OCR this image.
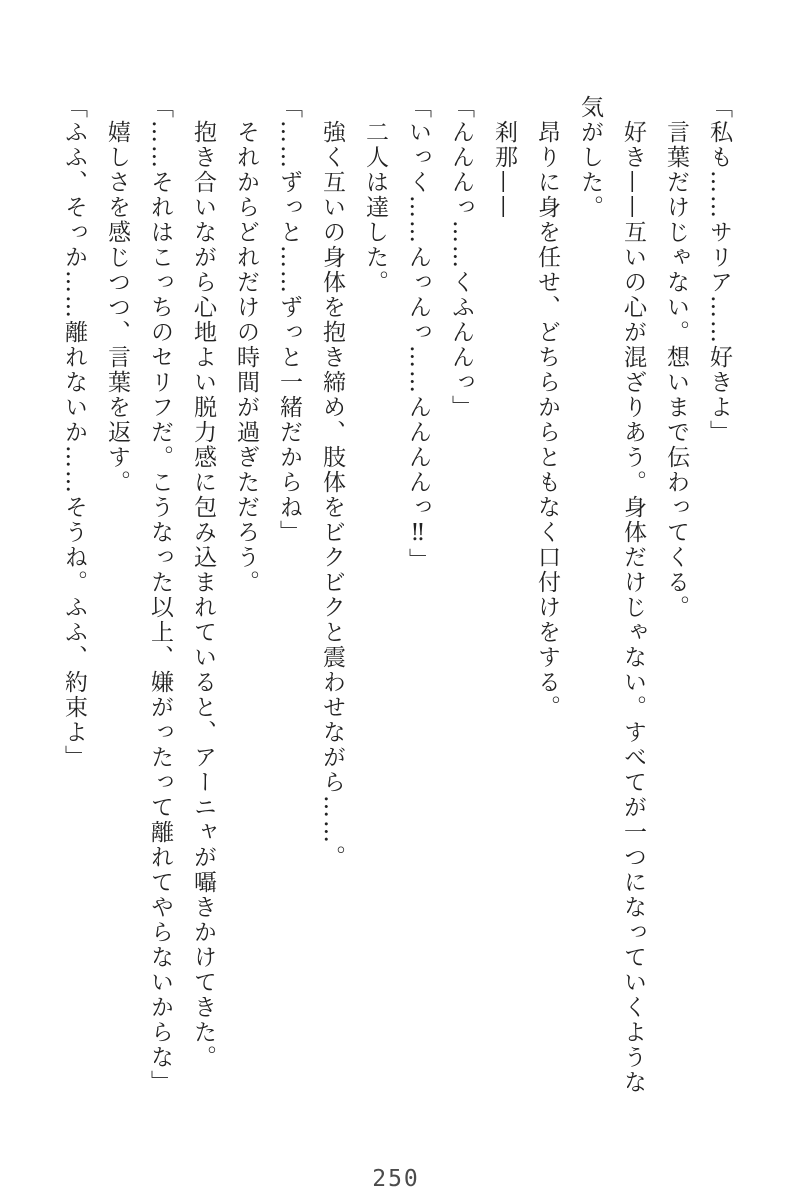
「私も……サリア……好きよ」

言葉だけじゃない。想いまで伝わってくる。

好き——互いの心が混ざりあう。身体だけじゃない。すべてが一つになっていくような

気がした。

昂りに身を任せ、どちらからともなく口付けをする。

刹那——

「んんんっ……くふんんっ」

「いっく……んっんっ……んんんんっ‼」

二人は達した。

強く互いの身体を抱き締め、肢体をビクビクと震わせながら……。

「……ずっと……ずっと一緒だからね」

それからどれだけの時間が過ぎただろう。

抱き合いながら心地よい脱力感に包み込まれていると、アーニャが囁きかけてきた。

「……それはこっちのセリフだ。こうなった以上、嫌がったって離れてやらないからな」

嬉しさを感じつつ、言葉を返す。

「ふふ、そっか……離れないか……そうね。ふふ、約束よ」

250
